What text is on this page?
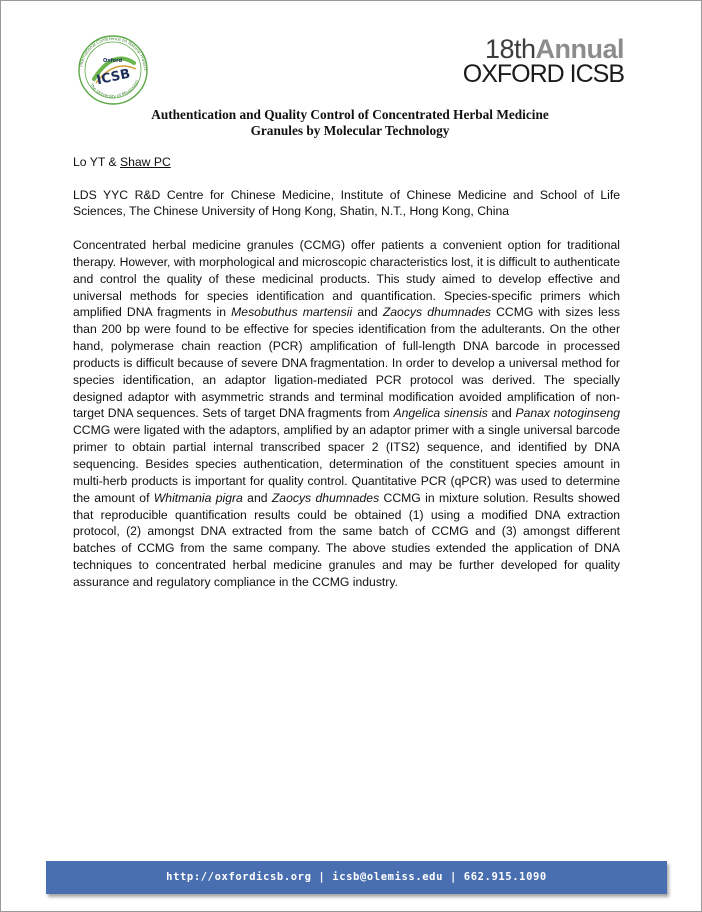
International Conference on Natural Product
The University of Mississippi
Oxford
ICSB
18thAnnual
OXFORD ICSB
Authentication and Quality Control of Concentrated Herbal Medicine
Granules by Molecular Technology
Lo YT & Shaw PC
LDS YYC R&D Centre for Chinese Medicine, Institute of Chinese Medicine and School of Life Sciences, The Chinese University of Hong Kong, Shatin, N.T., Hong Kong, China
Concentrated herbal medicine granules (CCMG) offer patients a convenient option for traditional therapy. However, with morphological and microscopic characteristics lost, it is difficult to authenticate and control the quality of these medicinal products. This study aimed to develop effective and universal methods for species identification and quantification. Species-specific primers which amplified DNA fragments in Mesobuthus martensii and Zaocys dhumnades CCMG with sizes less than 200 bp were found to be effective for species identification from the adulterants. On the other hand, polymerase chain reaction (PCR) amplification of full-length DNA barcode in processed products is difficult because of severe DNA fragmentation. In order to develop a universal method for species identification, an adaptor ligation-mediated PCR protocol was derived. The specially designed adaptor with asymmetric strands and terminal modification avoided amplification of non-target DNA sequences. Sets of target DNA fragments from Angelica sinensis and Panax notoginseng CCMG were ligated with the adaptors, amplified by an adaptor primer with a single universal barcode primer to obtain partial internal transcribed spacer 2 (ITS2) sequence, and identified by DNA sequencing. Besides species authentication, determination of the constituent species amount in multi-herb products is important for quality control. Quantitative PCR (qPCR) was used to determine the amount of Whitmania pigra and Zaocys dhumnades CCMG in mixture solution. Results showed that reproducible quantification results could be obtained (1) using a modified DNA extraction protocol, (2) amongst DNA extracted from the same batch of CCMG and (3) amongst different batches of CCMG from the same company. The above studies extended the application of DNA techniques to concentrated herbal medicine granules and may be further developed for quality assurance and regulatory compliance in the CCMG industry.
http://oxfordicsb.org | icsb@olemiss.edu | 662.915.1090
